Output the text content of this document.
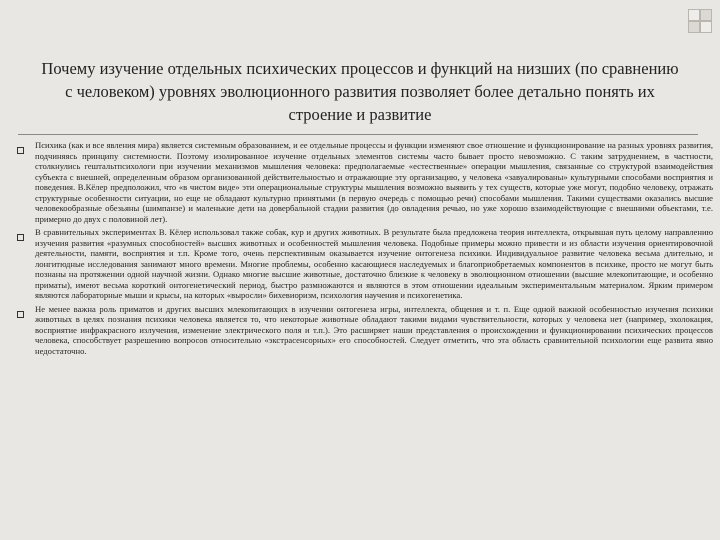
Почему изучение отдельных психических процессов и функций на низших (по сравнению с человеком) уровнях эволюционного развития позволяет более детально понять их строение и развитие
Психика (как и все явления мира) является системным образованием, и ее отдельные процессы и функции изменяют свое отношение и функционирование на разных уровнях развития, подчиняясь принципу системности. Поэтому изолированное изучение отдельных элементов системы часто бывает просто невозможно. С таким затруднением, в частности, столкнулись гештальтпсихологи при изучении механизмов мышления человека: предполагаемые «естественные» операции мышления, связанные со структурой взаимодействия субъекта с внешней, определенным образом организованной действительностью и отражающие эту организацию, у человека «завуалированы» культурными способами восприятия и поведения. В.Кёлер предположил, что «в чистом виде» эти операциональные структуры мышления возможно выявить у тех существ, которые уже могут, подобно человеку, отражать структурные особенности ситуации, но еще не обладают культурно принятыми (в первую очередь с помощью речи) способами мышления. Такими существами оказались высшие человекообразные обезьяны (шимпанзе) и маленькие дети на довербальной стадии развития (до овладения речью, но уже хорошо взаимодействующие с внешними объектами, т.е. примерно до двух с половиной лет).
В сравнительных экспериментах В. Кёлер использовал также собак, кур и других животных. В результате была предложена теория интеллекта, открывшая путь целому направлению изучения развития «разумных способностей» высших животных и особенностей мышления человека. Подобные примеры можно привести и из области изучения ориентировочной деятельности, памяти, восприятия и т.п. Кроме того, очень перспективным оказывается изучение онтогенеза психики. Индивидуальное развитие человека весьма длительно, и лонгитюдные исследования занимают много времени. Многие проблемы, особенно касающиеся наследуемых и благоприобретаемых компонентов в психике, просто не могут быть познаны на протяжении одной научной жизни. Однако многие высшие животные, достаточно близкие к человеку в эволюционном отношении (высшие млекопитающие, и особенно приматы), имеют весьма короткий онтогенетический период, быстро размножаются и являются в этом отношении идеальным экспериментальным материалом. Ярким примером являются лабораторные мыши и крысы, на которых «выросли» бихевиоризм, психология научения и психогенетика.
Не менее важна роль приматов и других высших млекопитающих в изучении онтогенеза игры, интеллекта, общения и т. п. Еще одной важной особенностью изучения психики животных в целях познания психики человека является то, что некоторые животные обладают такими видами чувствительности, которых у человека нет (например, эхолокация, восприятие инфракрасного излучения, изменение электрического поля и т.п.). Это расширяет наши представления о происхождении и функционировании психических процессов человека, способствует разрешению вопросов относительно «экстрасенсорных» его способностей. Следует отметить, что эта область сравнительной психологии еще развита явно недостаточно.
